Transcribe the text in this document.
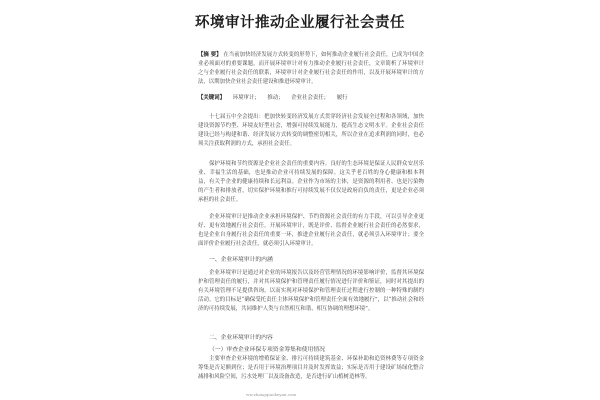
环境审计推动企业履行社会责任

【摘 要】 在当前加快经济发展方式转变的形势下，如何推动企业履行社会责任，已成为中国企业必须面对的重要课题。而开展环境审计对有力推动企业履行社会责任，文章简析了环境审计之与企业履行社会责任的联系，环境审计对企业履行社会责任的作用，以及开展环境审计的方法，以期加快企业社会责任建设和推进环境审计。

【关键词】 环境审计； 推动； 企业社会责任； 履行

十七届五中全会提出：把加快转变经济发展方式贯穿经济社会发展全过程和各领域，加快建设资源节约型、环境友好型社会，增强可持续发展能力，提高生态文明水平。企业社会责任建设已经与构建和谐、经济发展方式转变的调整密切相关，所以企业在追求利润的同时，也必须关注获取利润的方式，承担社会责任。

保护环境和节约资源是企业社会责任的重要内容。良好的生态环境是保证人民群众安居乐业、幸福生活的基础，也是推动企业可持续发展的保障。这关乎老百姓的身心健康和根本利益，有关乎企业的健康持续和长远利益。企业作为市场的主体，是资源的利用者、也是污染物的产生者和排放者，切实保护环境和推行可持续发展不仅仅是政府肩负的责任，更是企业必须承担的社会责任。

企业环境审计是推动企业承担环境保护、节约资源社会责任的有力手段，可以引导企业更好、更有效地履行社会责任。开展环境审计，既是评价、监督企业履行社会责任的必然要求，也是企业自身履行社会责任的重要一环，推进企业履行社会责任，就必须引入环境审计；要全面评价企业履行社会责任，就必须引入环境审计。

一、企业环境审计的内涵

企业环境审计是通过对企业的环境报告以及经营管理情况的环境影响评价，监督其环境保护和管理责任的履行，并对其环境保护和管理责任履行情况进行评价和鉴证，同时对其提出的有关环境管理不足提供咨询，以而实现对环境保护和管理责任过程进行控制的一种特殊的制约活动。它的目标是“确保受托责任主体环境保护和管理责任全面有效地履行”，以“推动社会和经济的可持续发展，共同维护人类与自然相互和谐、相互协调的理想环境”。

二、企业环境审计的内容
（一）审查企业环保专项资金筹集和使用情况

主要审查企业环境的增殖保证金、排污可持续建筑基金、环保补助和追资林费等专项资金筹集是否足额到位；是否用于环境治理项目并及时发挥效益；实际是否用于建设矿场绿化整合减排和风险空间，污水处理厂以及设备改造，是否进行矿山植树造林等。

ww.zhangqiaokeyan.com
